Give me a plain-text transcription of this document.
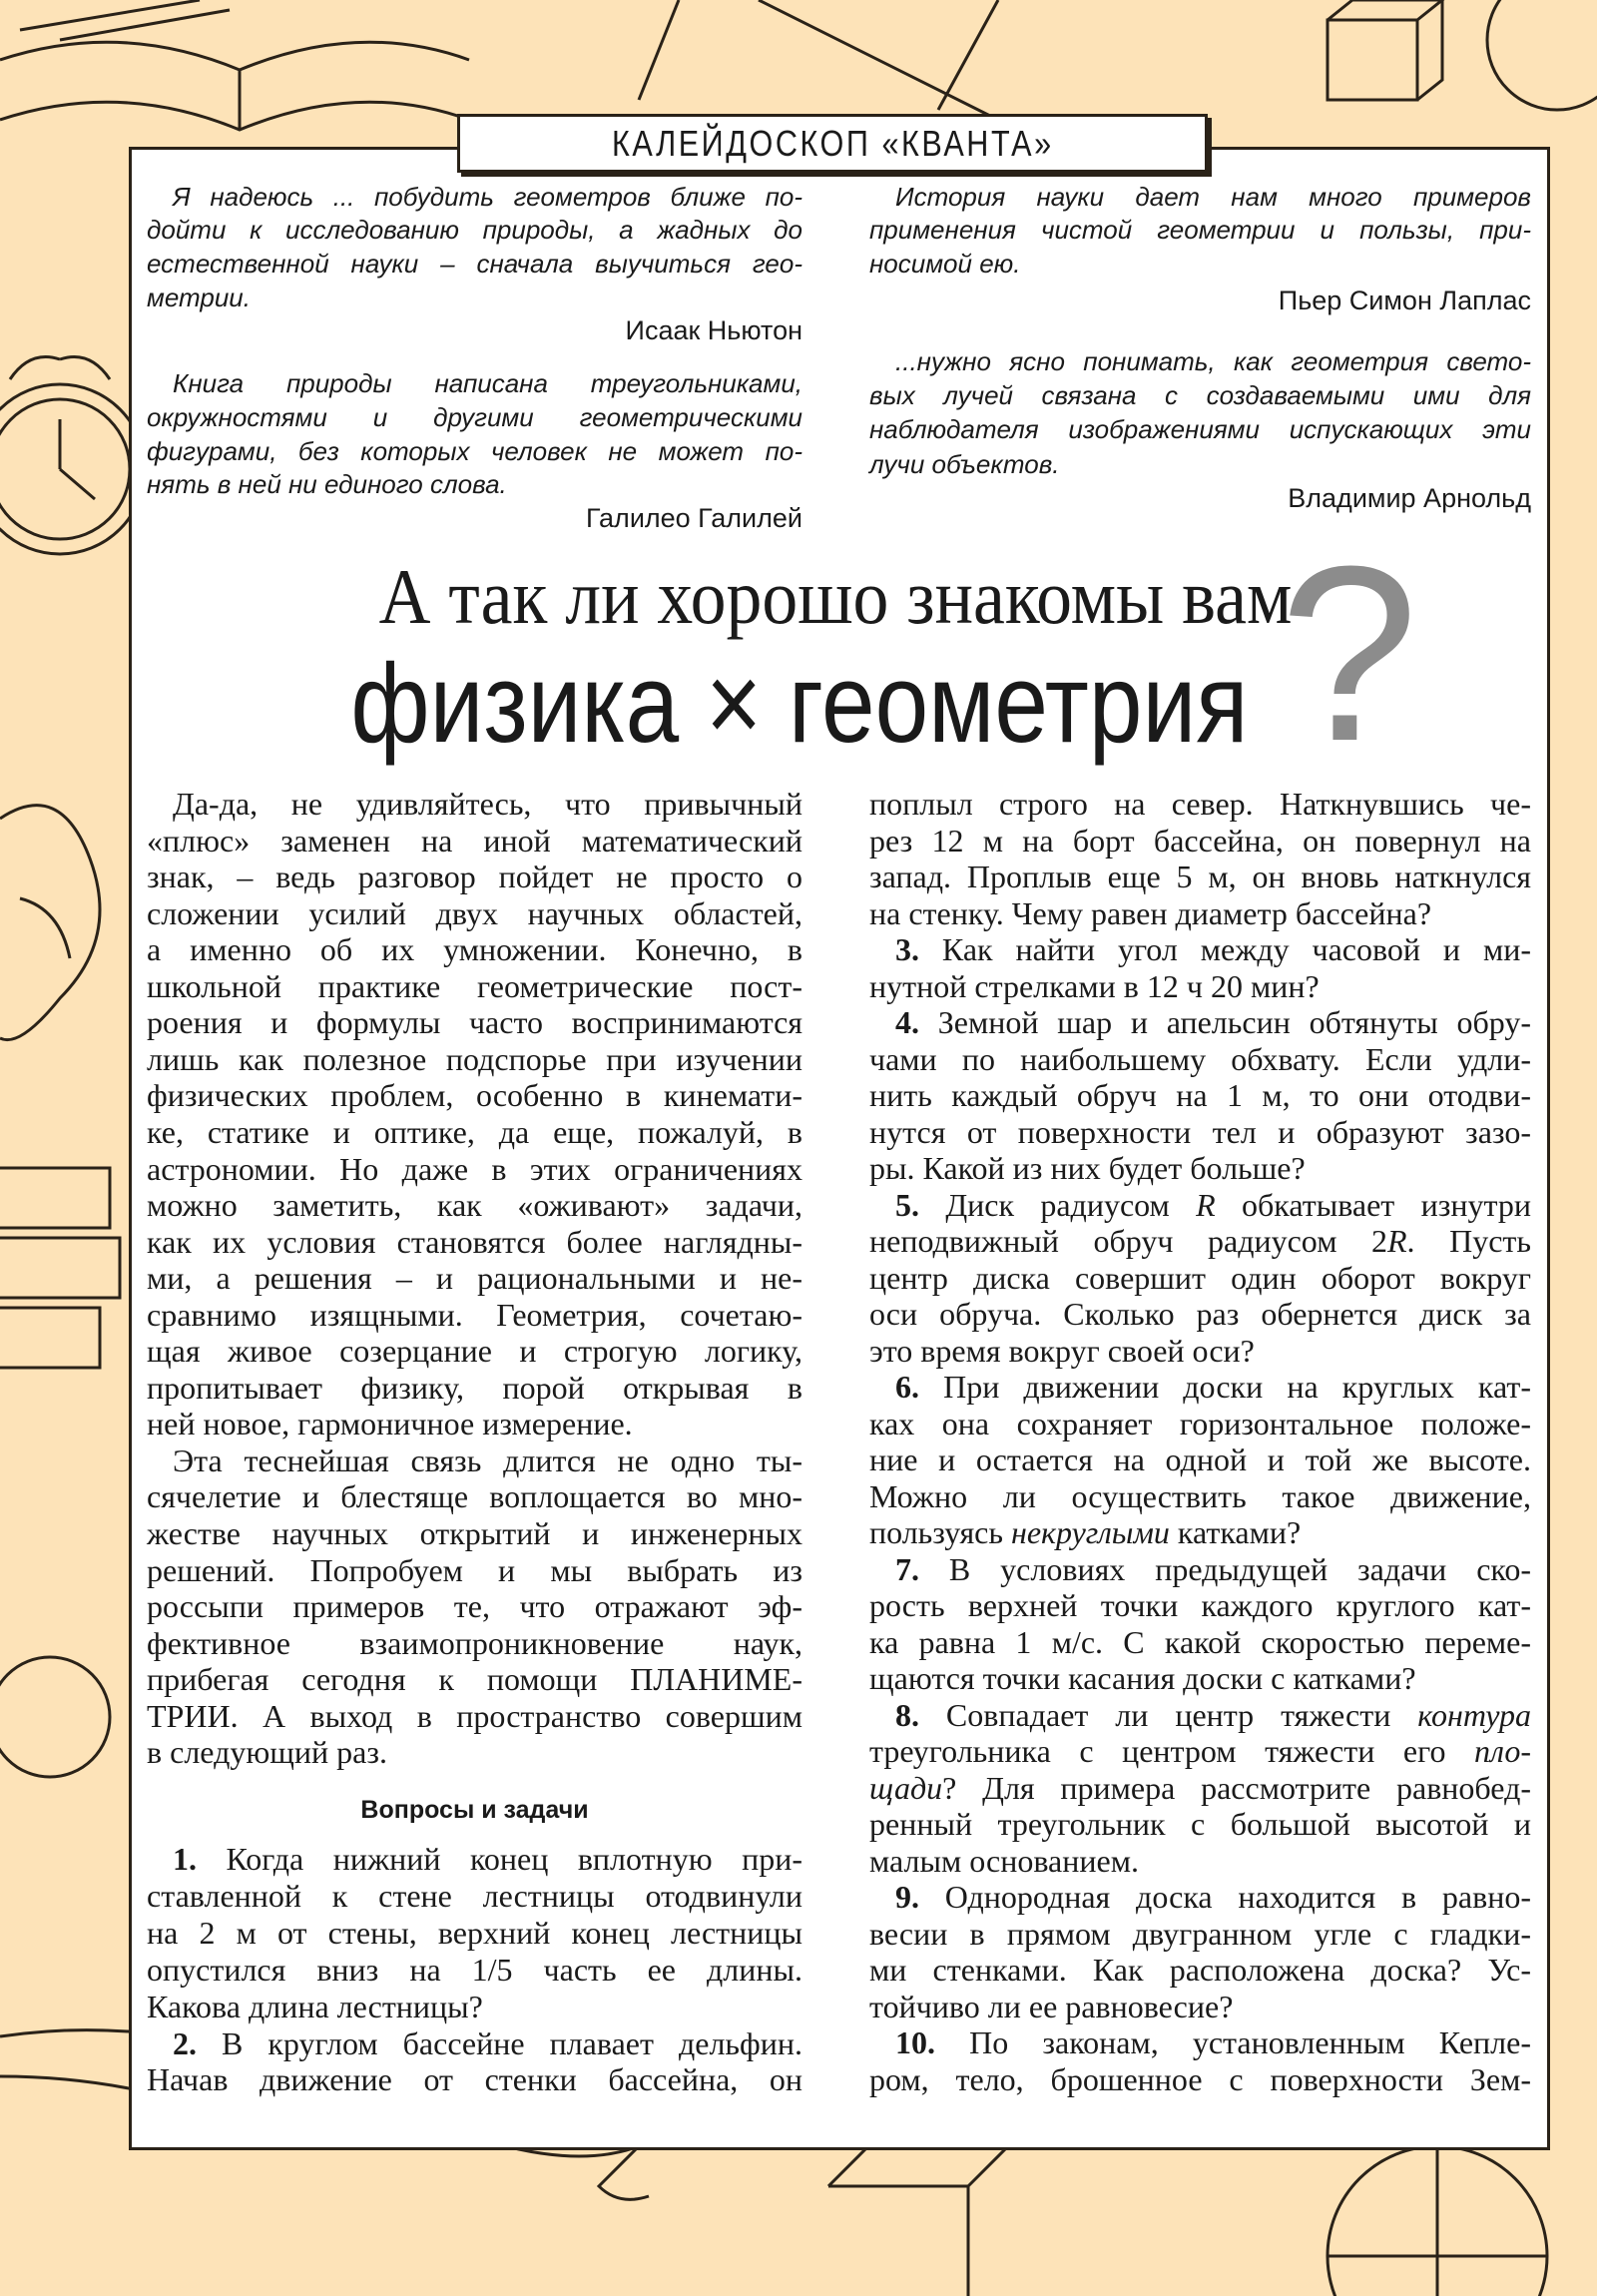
КАЛЕЙДОСКОП «КВАНТА»
Я надеюсь ... побудить геометров ближе по-
дойти к исследованию природы, а жадных до
естественной науки – сначала выучиться гео-
метрии.
Исаак Ньютон
Книга природы написана треугольниками,
окружностями и другими геометрическими
фигурами, без которых человек не может по-
нять в ней ни единого слова.
Галилео Галилей
История науки дает нам много примеров
применения чистой геометрии и пользы, при-
носимой ею.
Пьер Симон Лаплас
...нужно ясно понимать, как геометрия свето-
вых лучей связана с создаваемыми ими для
наблюдателя изображениями испускающих эти
лучи объектов.
Владимир Арнольд
А так ли хорошо знакомы вам
?
физика × геометрия
Да-да, не удивляйтесь, что привычный
«плюс» заменен на иной математический
знак, – ведь разговор пойдет не просто о
сложении усилий двух научных областей,
а именно об их умножении. Конечно, в
школьной практике геометрические пост-
роения и формулы часто воспринимаются
лишь как полезное подспорье при изучении
физических проблем, особенно в кинемати-
ке, статике и оптике, да еще, пожалуй, в
астрономии. Но даже в этих ограничениях
можно заметить, как «оживают» задачи,
как их условия становятся более наглядны-
ми, а решения – и рациональными и не-
сравнимо изящными. Геометрия, сочетаю-
щая живое созерцание и строгую логику,
пропитывает физику, порой открывая в
ней новое, гармоничное измерение.
Эта теснейшая связь длится не одно ты-
сячелетие и блестяще воплощается во мно-
жестве научных открытий и инженерных
решений. Попробуем и мы выбрать из
россыпи примеров те, что отражают эф-
фективное взаимопроникновение наук,
прибегая сегодня к помощи ПЛАНИМЕ-
ТРИИ. А выход в пространство совершим
в следующий раз.
Вопросы и задачи
1. Когда нижний конец вплотную при-
ставленной к стене лестницы отодвинули
на 2 м от стены, верхний конец лестницы
опустился вниз на 1/5 часть ее длины.
Какова длина лестницы?
2. В круглом бассейне плавает дельфин.
Начав движение от стенки бассейна, он
поплыл строго на север. Наткнувшись че-
рез 12 м на борт бассейна, он повернул на
запад. Проплыв еще 5 м, он вновь наткнулся
на стенку. Чему равен диаметр бассейна?
3. Как найти угол между часовой и ми-
нутной стрелками в 12 ч 20 мин?
4. Земной шар и апельсин обтянуты обру-
чами по наибольшему обхвату. Если удли-
нить каждый обруч на 1 м, то они отодви-
нутся от поверхности тел и образуют зазо-
ры. Какой из них будет больше?
5. Диск радиусом R обкатывает изнутри
неподвижный обруч радиусом 2R. Пусть
центр диска совершит один оборот вокруг
оси обруча. Сколько раз обернется диск за
это время вокруг своей оси?
6. При движении доски на круглых кат-
ках она сохраняет горизонтальное положе-
ние и остается на одной и той же высоте.
Можно ли осуществить такое движение,
пользуясь некруглыми катками?
7. В условиях предыдущей задачи ско-
рость верхней точки каждого круглого кат-
ка равна 1 м/с. С какой скоростью переме-
щаются точки касания доски с катками?
8. Совпадает ли центр тяжести контура
треугольника с центром тяжести его пло-
щади? Для примера рассмотрите равнобед-
ренный треугольник с большой высотой и
малым основанием.
9. Однородная доска находится в равно-
весии в прямом двугранном угле с гладки-
ми стенками. Как расположена доска? Ус-
тойчиво ли ее равновесие?
10. По законам, установленным Кепле-
ром, тело, брошенное с поверхности Зем-
